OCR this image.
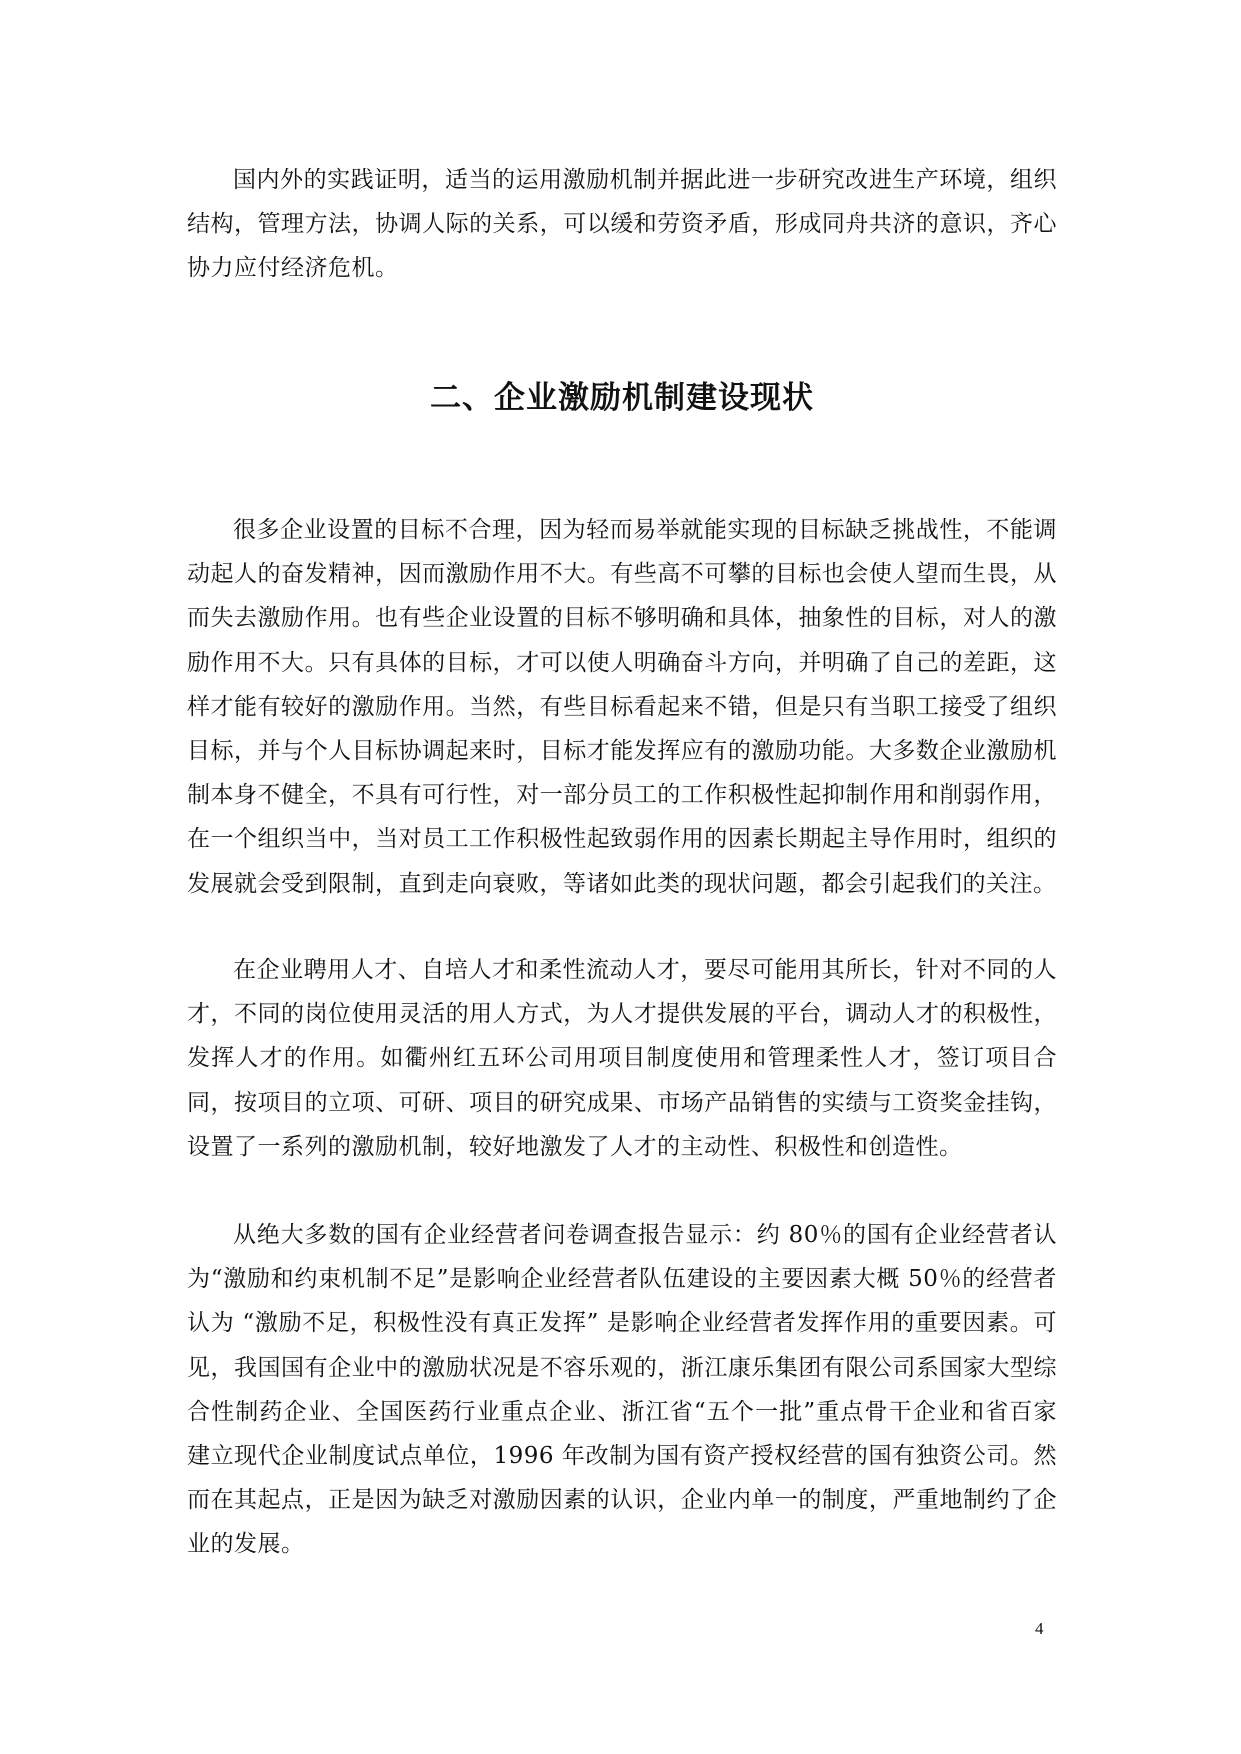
国内外的实践证明，适当的运用激励机制并据此进一步研究改进生产环境，组织结构，管理方法，协调人际的关系，可以缓和劳资矛盾，形成同舟共济的意识，齐心协力应付经济危机。

二、企业激励机制建设现状

很多企业设置的目标不合理，因为轻而易举就能实现的目标缺乏挑战性，不能调动起人的奋发精神，因而激励作用不大。有些高不可攀的目标也会使人望而生畏，从而失去激励作用。也有些企业设置的目标不够明确和具体，抽象性的目标，对人的激励作用不大。只有具体的目标，才可以使人明确奋斗方向，并明确了自己的差距，这样才能有较好的激励作用。当然，有些目标看起来不错，但是只有当职工接受了组织目标，并与个人目标协调起来时，目标才能发挥应有的激励功能。大多数企业激励机制本身不健全，不具有可行性，对一部分员工的工作积极性起抑制作用和削弱作用，在一个组织当中，当对员工工作积极性起致弱作用的因素长期起主导作用时，组织的发展就会受到限制，直到走向衰败，等诸如此类的现状问题，都会引起我们的关注。

在企业聘用人才、自培人才和柔性流动人才，要尽可能用其所长，针对不同的人才，不同的岗位使用灵活的用人方式，为人才提供发展的平台，调动人才的积极性，发挥人才的作用。如衢州红五环公司用项目制度使用和管理柔性人才，签订项目合同，按项目的立项、可研、项目的研究成果、市场产品销售的实绩与工资奖金挂钩，设置了一系列的激励机制，较好地激发了人才的主动性、积极性和创造性。

从绝大多数的国有企业经营者问卷调查报告显示：约 80％的国有企业经营者认为“激励和约束机制不足”是影响企业经营者队伍建设的主要因素大概 50％的经营者认为 “激励不足，积极性没有真正发挥” 是影响企业经营者发挥作用的重要因素。可见，我国国有企业中的激励状况是不容乐观的，浙江康乐集团有限公司系国家大型综合性制药企业、全国医药行业重点企业、浙江省“五个一批”重点骨干企业和省百家建立现代企业制度试点单位，1996 年改制为国有资产授权经营的国有独资公司。然而在其起点，正是因为缺乏对激励因素的认识，企业内单一的制度，严重地制约了企业的发展。

4
